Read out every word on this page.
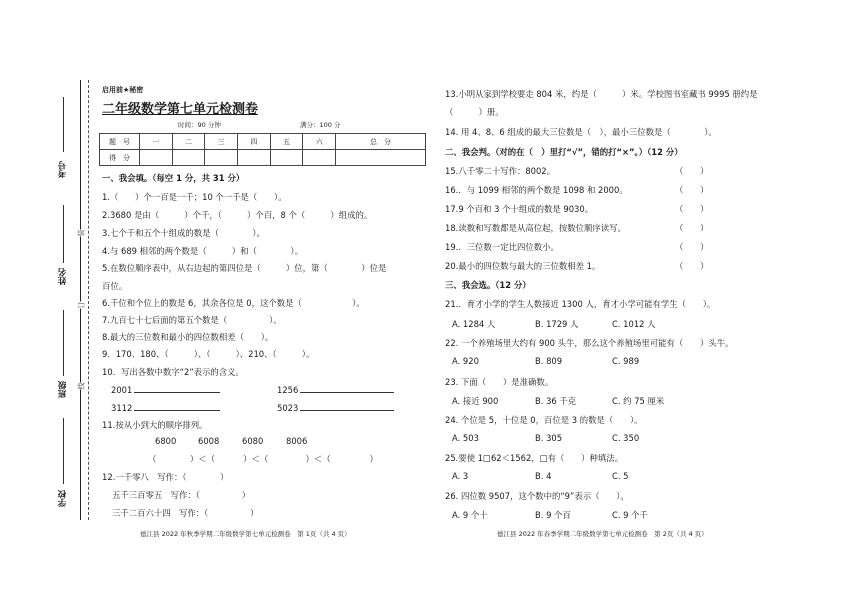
考号
姓名
班级
学校
装
订
线
启用前★秘密
二年级数学第七单元检测卷
时间：90 分钟	满分：100 分
题　号	一	二	三	四	五	六	总　分
得　分							
一、我会填。（每空 1 分，共 31 分）
1.（　　）个一百是一千；10 个一千是（　　）。
2.3680 是由（　　　）个千，（　　　）个百，8 个（　　　）组成的。
3.七个千和五个十组成的数是（　　　　）。
4.与 689 相邻的两个数是（　　　）和（　　　　）。
5.在数位顺序表中，从右边起的第四位是（　　　）位，第（　　　　）位是
百位。
6.千位和个位上的数是 6，其余各位是 0，这个数是（　　　　　　）。
7.九百七十七后面的第五个数是（　　　　　）。
8.最大的三位数和最小的四位数相差（　　）。
9．170、180、（　　　）、（　　　）、210、（　　　）。
10．写出各数中数字“2”表示的含义。
2001	1256
3112	5023
11.按从小到大的顺序排列。
6800	6008	6080	8006
（　　　　）＜（ 　　　）＜（ 　　　　）＜（ 　　　　）
12.一千零八　写作：（　　　　）
五千三百零五　写作：（　　　　　）
三千二百六十四　写作：（　　　　　）
德江县 2022 年秋季学期二年级数学第七单元检测卷　第 1页（共 4 页）
13.小明从家到学校要走 804 米，约是（　　　）米。学校图书室藏书 9995 册约是
（　　　）册。
14. 用 4、8、6 组成的最大三位数是（　），最小三位数是（　　　　）。
二、我会判。（对的在（　）里打“√”，错的打“×”。）（12 分）
15.八千零二十写作：8002。	（　　）
16.．与 1099 相邻的两个数是 1098 和 2000。	（　　）
17.9 个百和 3 个十组成的数是 9030。	（　　）
18.读数和写数都是从高位起，按数位顺序读写。	（　　）
19.．三位数一定比四位数小。	（　　）
20.最小的四位数与最大的三位数相差 1。	（　　）
三、我会选。（12 分）
21.．育才小学的学生人数接近 1300 人，育才小学可能有学生（　　）。
A. 1284 人	B. 1729 人	C. 1012 人
22. 一个养殖场里大约有 900 头牛，那么这个养殖场里可能有（　　）头牛。
A. 920	B. 809	C. 989
23. 下面（　　）是准确数。
A. 接近 900	B. 36 千克	C. 约 75 厘米
24. 个位是 5，十位是 0，百位是 3 的数是（　　）。
A. 503	B. 305	C. 350
25.要使 1□62＜1562，□有（　　）种填法。
A. 3	B. 4	C. 5
26. 四位数 9507，这个数中的“9”表示（　　）。
A. 9 个十	B. 9 个百	C. 9 个千
德江县 2022 年春季学期二年级数学第七单元检测卷　第 2页（共 4 页）
